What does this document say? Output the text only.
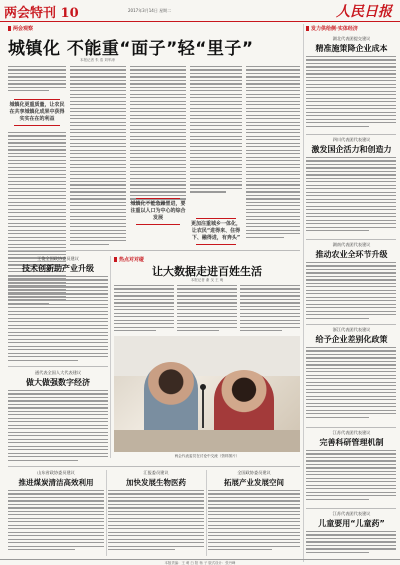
两会特刊 10	2017年3月14日 星期二	人民日报
两会观察	发力供给侧·实体经济
城镇化 不能重“面子”轻“里子”
本报记者 朱 浩 刘军涛
城镇化更重质量，让农民在共享城镇化成果中获得实实在在的利益
城镇化不能急躁冒进，要注重以人口为中心的综合发展
更加注重城乡一体化，让农民“进得来、住得下、融得进，有奔头”
热点对对碰
让大数据走进百姓生活
本报记者 谢 戈 王 萌
两会代表委员在讨论中交流（资料图片）
王俊全国政协委员建议
技术创新助产业升级
通代表全国人大代表建议
做大做强数字经济
山东省政协委员建议
推进煤炭清洁高效利用
汇报委员建议
加快发展生物医药
全国政协委员建议
拓展产业发展空间
湖北代表团提交建议
精准施策降企业成本
四川代表团代表建议
激发国企活力和创造力
湖南代表团代表建议
推动农业全环节升级
浙江代表团代表建议
给予企业差别化政策
江苏代表团代表建议
完善科研管理机制
江苏代表团代表建议
儿童要用“儿童药”
本版责编：王 萌 白 阳 杨 子 版式设计：张丹峰
